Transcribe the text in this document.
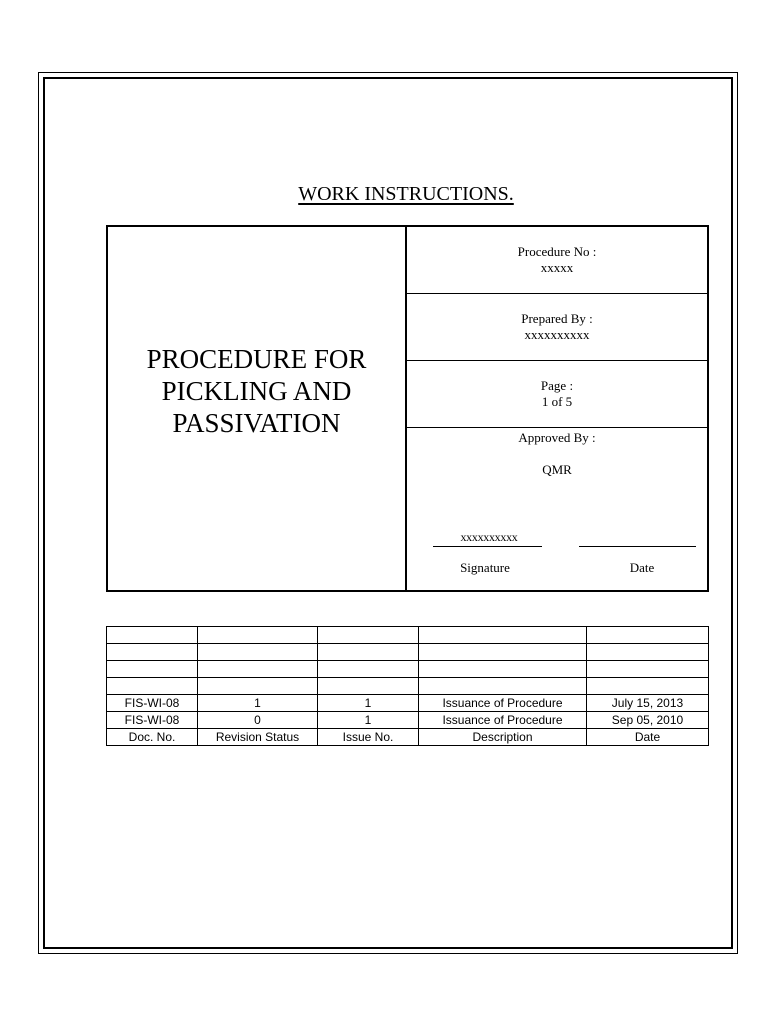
WORK INSTRUCTIONS.
PROCEDURE FOR
PICKLING AND
PASSIVATION
Procedure No :
xxxxx
Prepared By :
xxxxxxxxxx
Page :
1 of 5
Approved By :
QMR
xxxxxxxxxx
Signature	Date

FIS-WI-08	1	1	Issuance of Procedure	July 15, 2013
FIS-WI-08	0	1	Issuance of Procedure	Sep 05, 2010
Doc. No.	Revision Status	Issue No.	Description	Date
